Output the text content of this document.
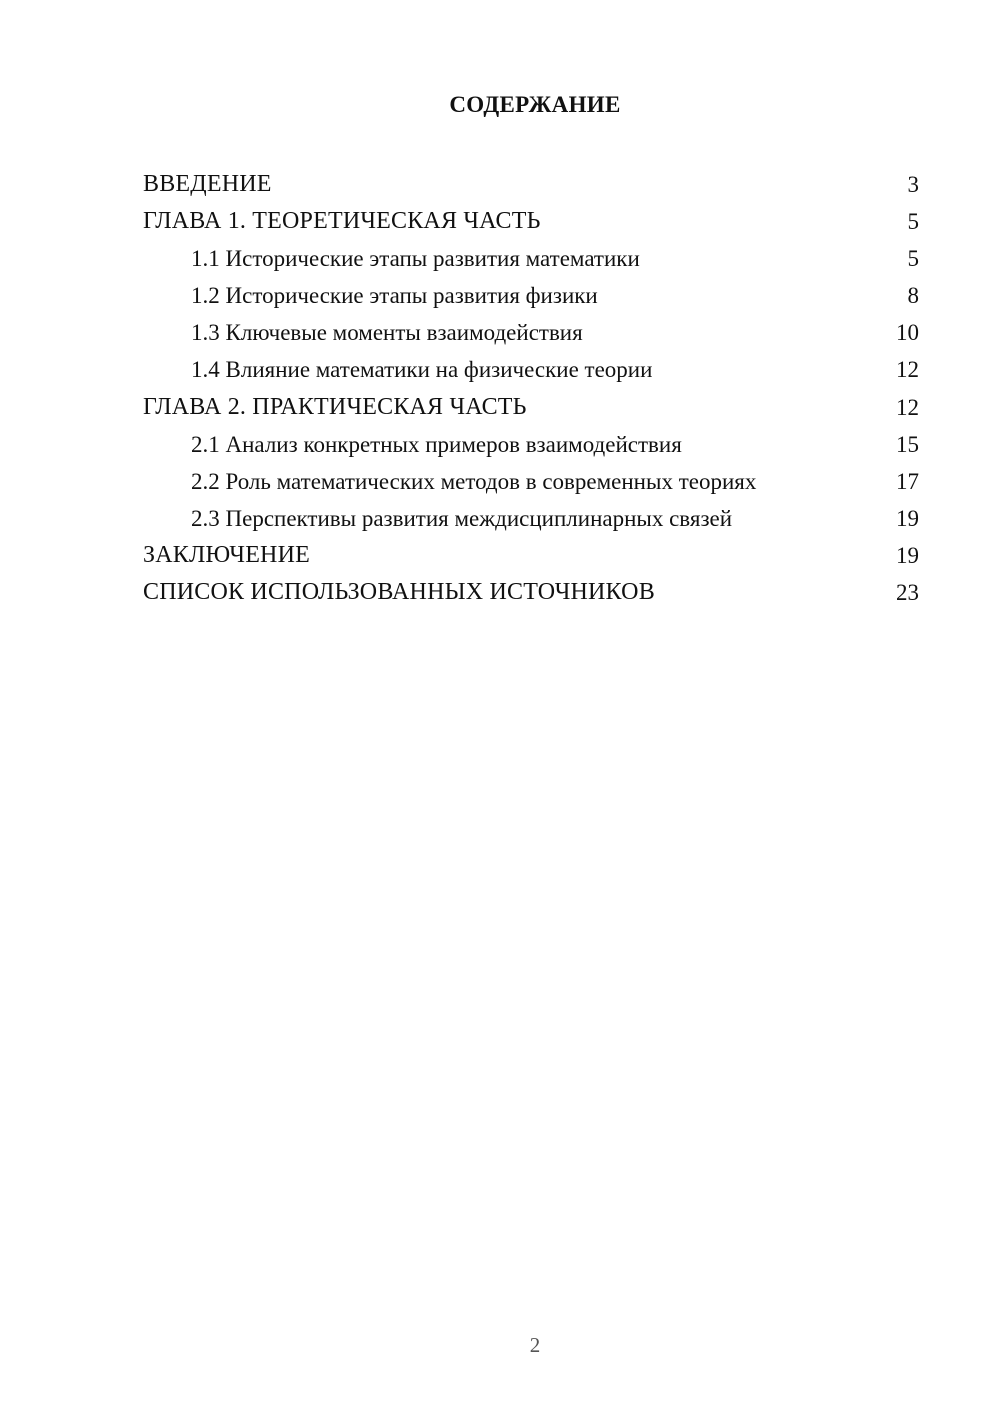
СОДЕРЖАНИЕ
ВВЕДЕНИЕ	3
ГЛАВА 1. ТЕОРЕТИЧЕСКАЯ ЧАСТЬ	5
1.1 Исторические этапы развития математики	5
1.2 Исторические этапы развития физики	8
1.3 Ключевые моменты взаимодействия	10
1.4 Влияние математики на физические теории	12
ГЛАВА 2. ПРАКТИЧЕСКАЯ ЧАСТЬ	12
2.1 Анализ конкретных примеров взаимодействия	15
2.2 Роль математических методов в современных теориях	17
2.3 Перспективы развития междисциплинарных связей	19
ЗАКЛЮЧЕНИЕ	19
СПИСОК ИСПОЛЬЗОВАННЫХ ИСТОЧНИКОВ	23
2
